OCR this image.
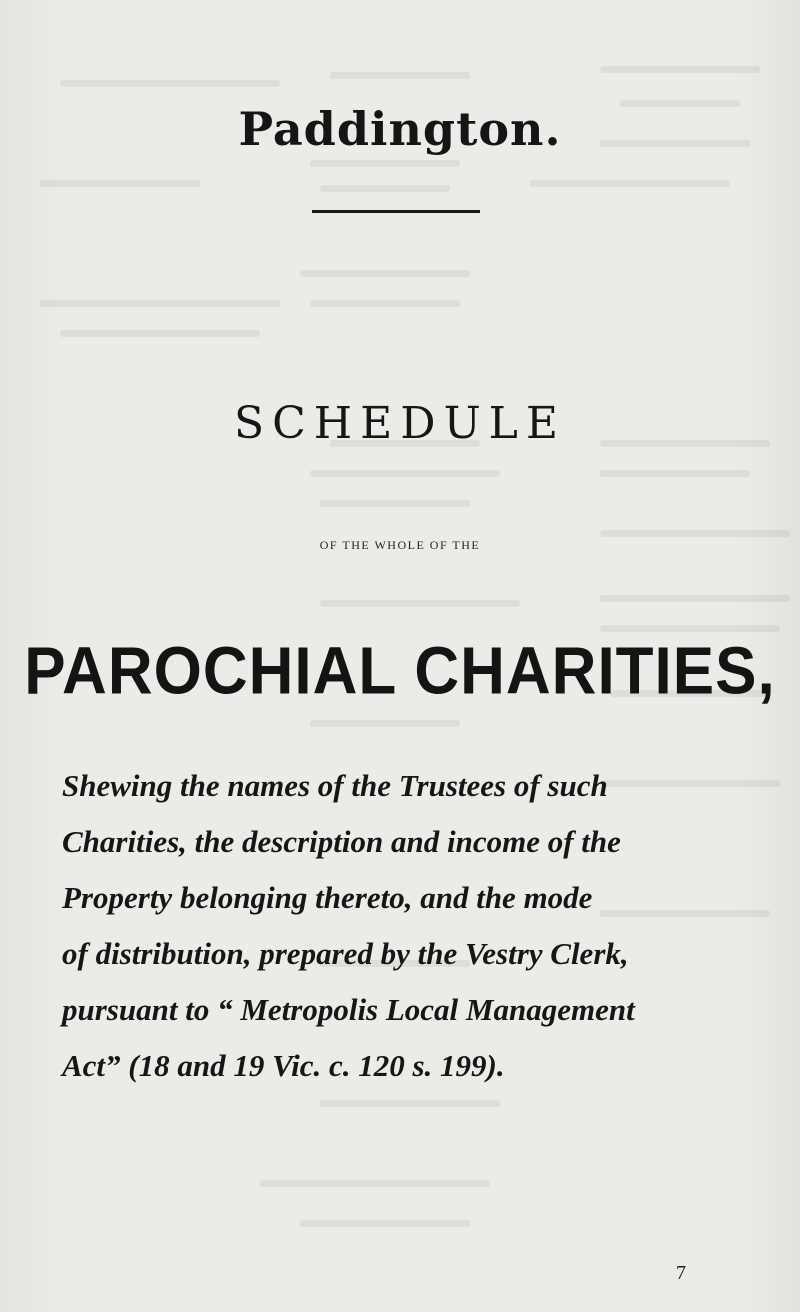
Paddington.
SCHEDULE
OF THE WHOLE OF THE
PAROCHIAL CHARITIES,
Shewing the names of the Trustees of such
Charities, the description and income of the
Property belonging thereto, and the mode
of distribution, prepared by the Vestry Clerk,
pursuant to “ Metropolis Local Management
Act” (18 and 19 Vic. c. 120 s. 199).
7
